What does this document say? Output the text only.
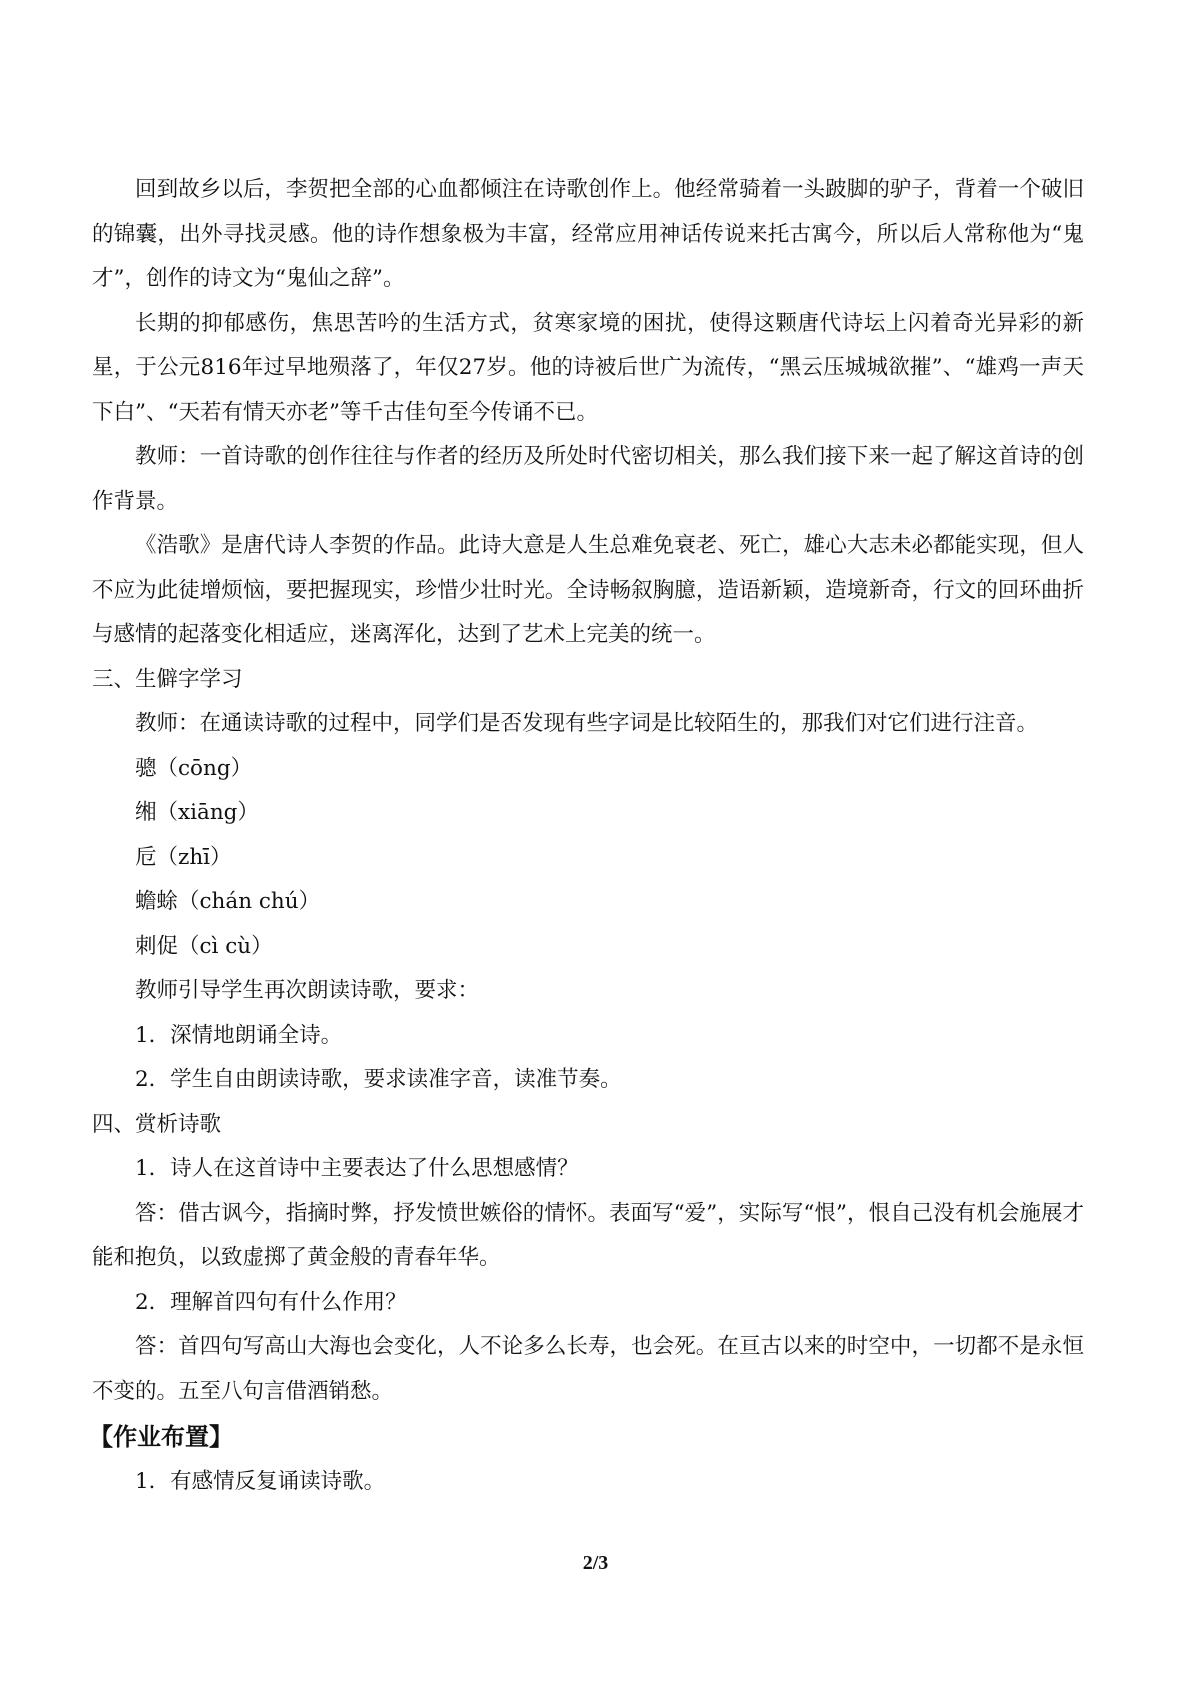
回到故乡以后，李贺把全部的心血都倾注在诗歌创作上。他经常骑着一头跛脚的驴子，背着一个破旧的锦囊，出外寻找灵感。他的诗作想象极为丰富，经常应用神话传说来托古寓今，所以后人常称他为“鬼才”，创作的诗文为“鬼仙之辞”。

长期的抑郁感伤，焦思苦吟的生活方式，贫寒家境的困扰，使得这颗唐代诗坛上闪着奇光异彩的新星，于公元816年过早地殒落了，年仅27岁。他的诗被后世广为流传，“黑云压城城欲摧”、“雄鸡一声天下白”、“天若有情天亦老”等千古佳句至今传诵不已。

教师：一首诗歌的创作往往与作者的经历及所处时代密切相关，那么我们接下来一起了解这首诗的创作背景。

《浩歌》是唐代诗人李贺的作品。此诗大意是人生总难免衰老、死亡，雄心大志未必都能实现，但人不应为此徒增烦恼，要把握现实，珍惜少壮时光。全诗畅叙胸臆，造语新颖，造境新奇，行文的回环曲折与感情的起落变化相适应，迷离浑化，达到了艺术上完美的统一。

三、生僻字学习

教师：在通读诗歌的过程中，同学们是否发现有些字词是比较陌生的，那我们对它们进行注音。

骢（cōng）

缃（xiāng）

卮（zhī）

蟾蜍（chán chú）

刺促（cì cù）

教师引导学生再次朗读诗歌，要求：

1．深情地朗诵全诗。

2．学生自由朗读诗歌，要求读准字音，读准节奏。

四、赏析诗歌

1．诗人在这首诗中主要表达了什么思想感情？

答：借古讽今，指摘时弊，抒发愤世嫉俗的情怀。表面写“爱”，实际写“恨”，恨自己没有机会施展才能和抱负，以致虚掷了黄金般的青春年华。

2．理解首四句有什么作用？

答：首四句写高山大海也会变化，人不论多么长寿，也会死。在亘古以来的时空中，一切都不是永恒不变的。五至八句言借酒销愁。

【作业布置】

1．有感情反复诵读诗歌。

2/3
